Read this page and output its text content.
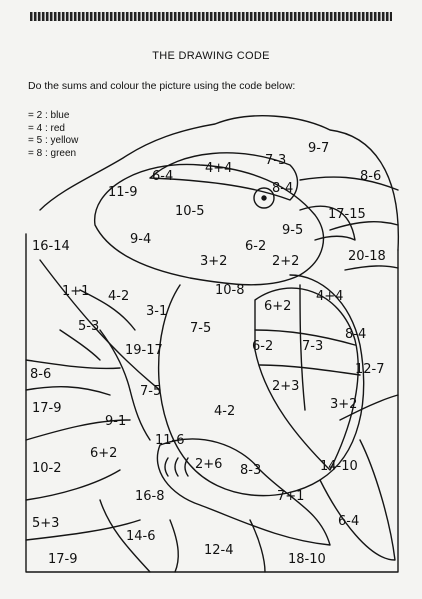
THE DRAWING CODE
Do the sums and colour the picture using the code below:
= 2 : blue
= 4 : red
= 5 : yellow
= 8 : green
6-4
4+4
7-3
9-7
8-6
11-9	8-4
10-5	17-15
9-4
9-5
16-14	6-2
3+2	2+2	20-18
1+1 4-2	10-8	4+4
6+2
3-1
5-3	7-5	8-4
19-17	6-2 7-3
8-6	12-7
7-5	2+3
17-9	3+2
9-1
4-2
11-6
6+2
10-2	2+6 8-3	14-10
16-8	7+1
5+3	6-4
14-6
12-4
17-9	18-10
